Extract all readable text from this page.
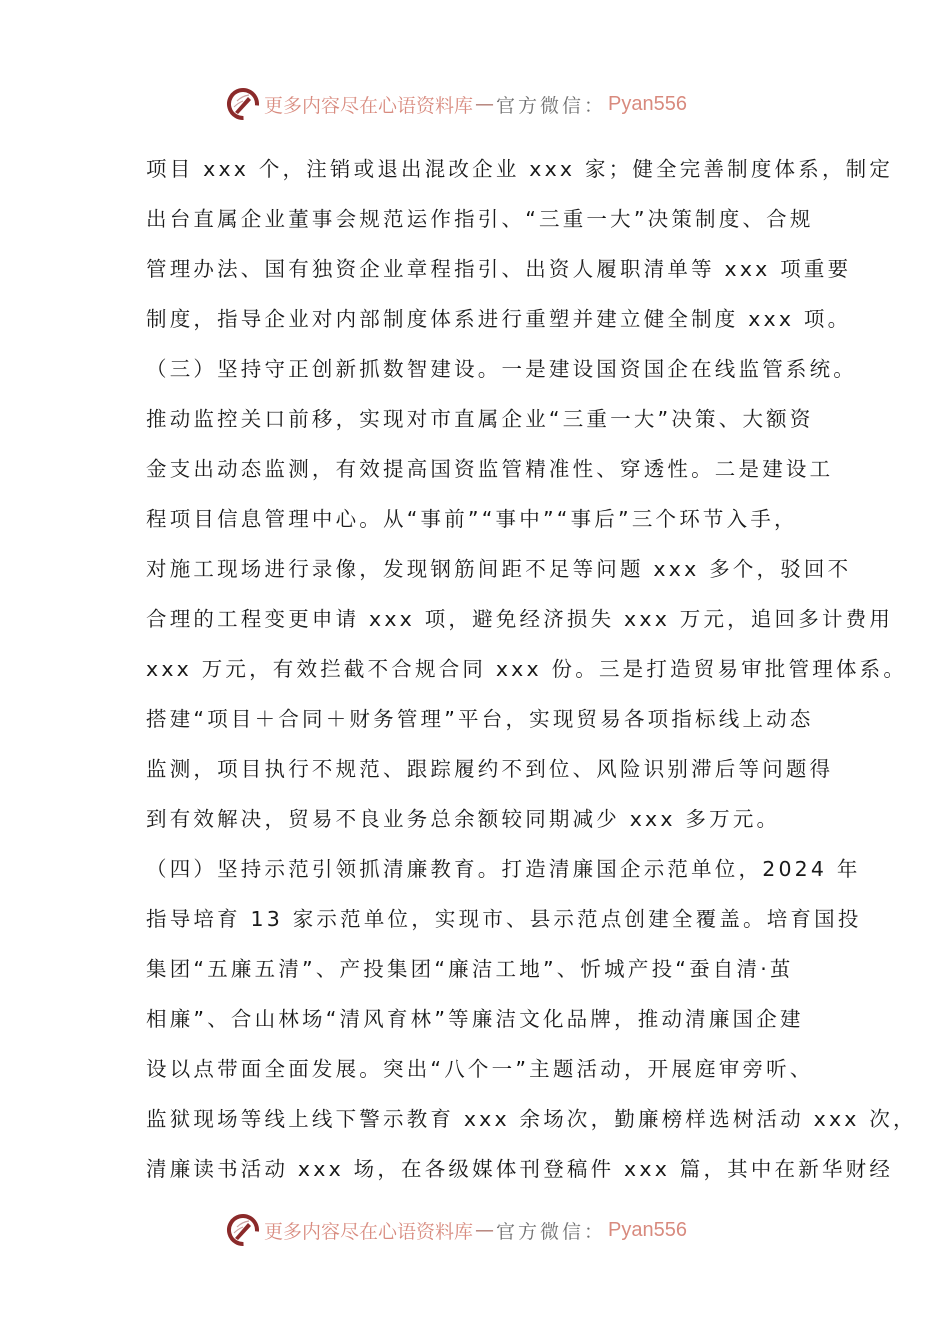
更多内容尽在心语资料库 — 官方微信： Pyan556
项目 xxx 个，注销或退出混改企业 xxx 家；健全完善制度体系，制定
出台直属企业董事会规范运作指引、“三重一大”决策制度、合规
管理办法、国有独资企业章程指引、出资人履职清单等 xxx 项重要
制度，指导企业对内部制度体系进行重塑并建立健全制度 xxx 项。
（三）坚持守正创新抓数智建设。一是建设国资国企在线监管系统。
推动监控关口前移，实现对市直属企业“三重一大”决策、大额资
金支出动态监测，有效提高国资监管精准性、穿透性。二是建设工
程项目信息管理中心。从“事前”“事中”“事后”三个环节入手，
对施工现场进行录像，发现钢筋间距不足等问题 xxx 多个，驳回不
合理的工程变更申请 xxx 项，避免经济损失 xxx 万元，追回多计费用
xxx 万元，有效拦截不合规合同 xxx 份。三是打造贸易审批管理体系。
搭建“项目＋合同＋财务管理”平台，实现贸易各项指标线上动态
监测，项目执行不规范、跟踪履约不到位、风险识别滞后等问题得
到有效解决，贸易不良业务总余额较同期减少 xxx 多万元。
（四）坚持示范引领抓清廉教育。打造清廉国企示范单位，2024 年
指导培育 13 家示范单位，实现市、县示范点创建全覆盖。培育国投
集团“五廉五清”、产投集团“廉洁工地”、忻城产投“蚕自清·茧
相廉”、合山林场“清风育林”等廉洁文化品牌，推动清廉国企建
设以点带面全面发展。突出“八个一”主题活动，开展庭审旁听、
监狱现场等线上线下警示教育 xxx 余场次，勤廉榜样选树活动 xxx 次，
清廉读书活动 xxx 场，在各级媒体刊登稿件 xxx 篇，其中在新华财经
更多内容尽在心语资料库 — 官方微信： Pyan556
